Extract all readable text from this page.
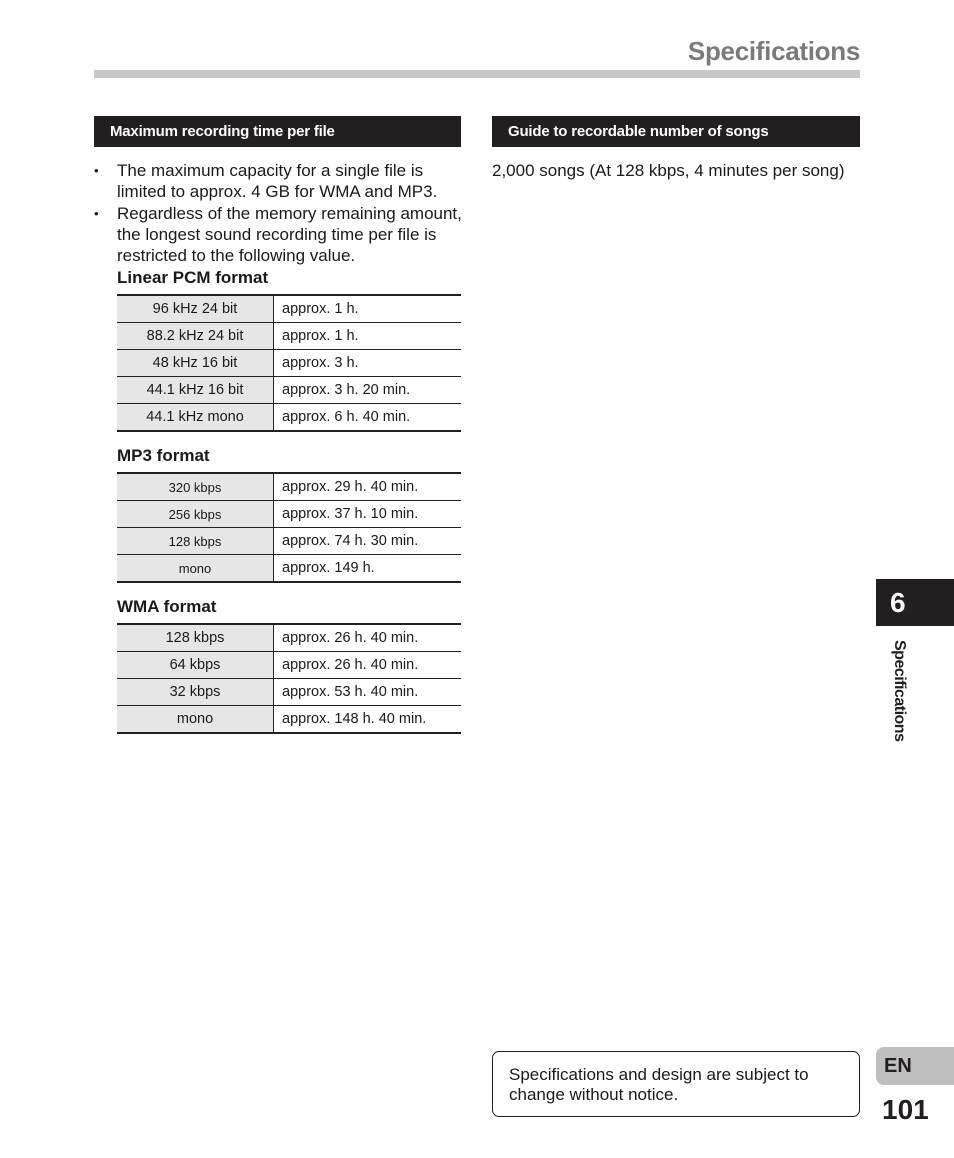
Specifications
Maximum recording time per file	Guide to recordable number of songs
• The maximum capacity for a single file is limited to approx. 4 GB for WMA and MP3.
• Regardless of the memory remaining amount, the longest sound recording time per file is restricted to the following value.
Linear PCM format
96 kHz 24 bit	approx. 1 h.
88.2 kHz 24 bit	approx. 1 h.
48 kHz 16 bit	approx. 3 h.
44.1 kHz 16 bit	approx. 3 h. 20 min.
44.1 kHz mono	approx. 6 h. 40 min.
MP3 format
320 kbps	approx. 29 h. 40 min.
256 kbps	approx. 37 h. 10 min.
128 kbps	approx. 74 h. 30 min.
mono	approx. 149 h.
WMA format
128 kbps	approx. 26 h. 40 min.
64 kbps	approx. 26 h. 40 min.
32 kbps	approx. 53 h. 40 min.
mono	approx. 148 h. 40 min.
2,000 songs (At 128 kbps, 4 minutes per song)
6
Specifications
Specifications and design are subject to change without notice.
EN
101
